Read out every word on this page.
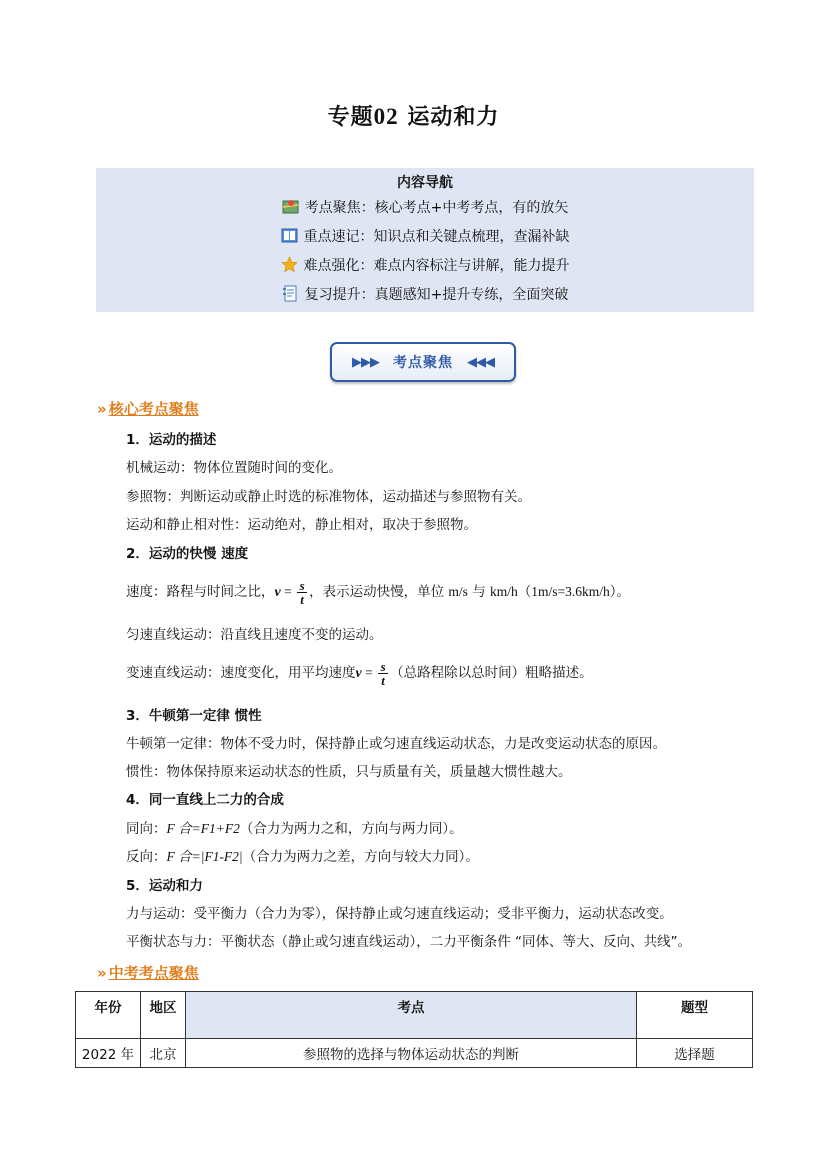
专题02 运动和力
内容导航
考点聚焦：核心考点+中考考点，有的放矢
重点速记：知识点和关键点梳理，查漏补缺
难点强化：难点内容标注与讲解，能力提升
复习提升：真题感知+提升专练，全面突破
▶▶▶ 考点聚焦 ◀◀◀
» 核心考点聚焦
1．运动的描述
机械运动：物体位置随时间的变化。
参照物：判断运动或静止时选的标准物体，运动描述与参照物有关。
运动和静止相对性：运动绝对，静止相对，取决于参照物。
2．运动的快慢 速度
速度：路程与时间之比，$v = \frac{s}{t}$ ，表示运动快慢，单位 m/s 与 km/h（1m/s=3.6km/h）。
匀速直线运动：沿直线且速度不变的运动。
变速直线运动：速度变化，用平均速度$v = \frac{s}{t}$ （总路程除以总时间）粗略描述。
3．牛顿第一定律 惯性
牛顿第一定律：物体不受力时，保持静止或匀速直线运动状态，力是改变运动状态的原因。
惯性：物体保持原来运动状态的性质，只与质量有关，质量越大惯性越大。
4．同一直线上二力的合成
同向：F 合=F1+F2（合力为两力之和，方向与两力同）。
反向：F 合=|F1-F2|（合力为两力之差，方向与较大力同）。
5．运动和力
力与运动：受平衡力（合力为零），保持静止或匀速直线运动；受非平衡力，运动状态改变。
平衡状态与力：平衡状态（静止或匀速直线运动），二力平衡条件 “同体、等大、反向、共线”。
» 中考考点聚焦
年份	地区	考点	题型
2022 年	北京	参照物的选择与物体运动状态的判断	选择题
